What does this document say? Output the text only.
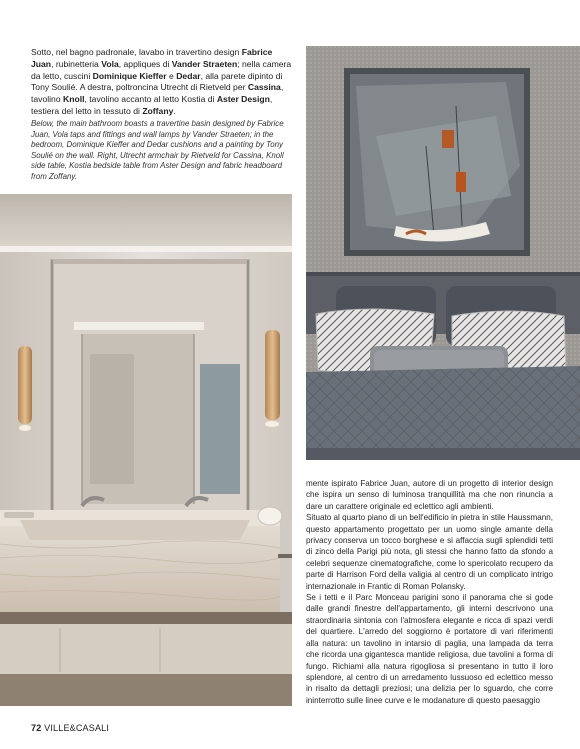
Sotto, nel bagno padronale, lavabo in travertino design Fabrice Juan, rubinetteria Vola, appliques di Vander Straeten; nella camera da letto, cuscini Dominique Kieffer e Dedar, alla parete dipinto di Tony Soulié. A destra, poltroncina Utrecht di Rietveld per Cassina, tavolino Knoll, tavolino accanto al letto Kostia di Aster Design, testiera del letto in tessuto di Zoffany.
Below, the main bathroom boasts a travertine basin designed by Fabrice Juan, Vola taps and fittings and wall lamps by Vander Straeten; in the bedroom, Dominique Kieffer and Dedar cushions and a painting by Tony Soulié on the wall. Right, Utrecht armchair by Rietveld for Cassina, Knoll side table, Kostia bedside table from Aster Design and fabric headboard from Zoffany.

mente ispirato Fabrice Juan, autore di un progetto di interior design che ispira un senso di luminosa tranquillità ma che non rinuncia a dare un carattere originale ed eclettico agli ambienti.

Situato al quarto piano di un bell'edificio in pietra in stile Haussmann, questo appartamento progettato per un uomo single amante della privacy conserva un tocco borghese e si affaccia sugli splendidi tetti di zinco della Parigi più nota, gli stessi che hanno fatto da sfondo a celebri sequenze cinematografiche, come lo spericolato recupero da parte di Harrison Ford della valigia al centro di un complicato intrigo internazionale in Frantic di Roman Polansky.

Se i tetti e il Parc Monceau parigini sono il panorama che si gode dalle grandi finestre dell'appartamento, gli interni descrivono una straordinaria sintonia con l'atmosfera elegante e ricca di spazi verdi del quartiere. L'arredo del soggiorno è portatore di vari riferimenti alla natura: un tavolino in intarsio di paglia, una lampada da terra che ricorda una gigantesca mantide religiosa, due tavolini a forma di fungo. Richiami alla natura rigogliosa si presentano in tutto il loro splendore, al centro di un arredamento lussuoso ed eclettico messo in risalto da dettagli preziosi; una delizia per lo sguardo, che corre ininterrotto sulle linee curve e le modanature di questo paesaggio

72 VILLE&CASALI
